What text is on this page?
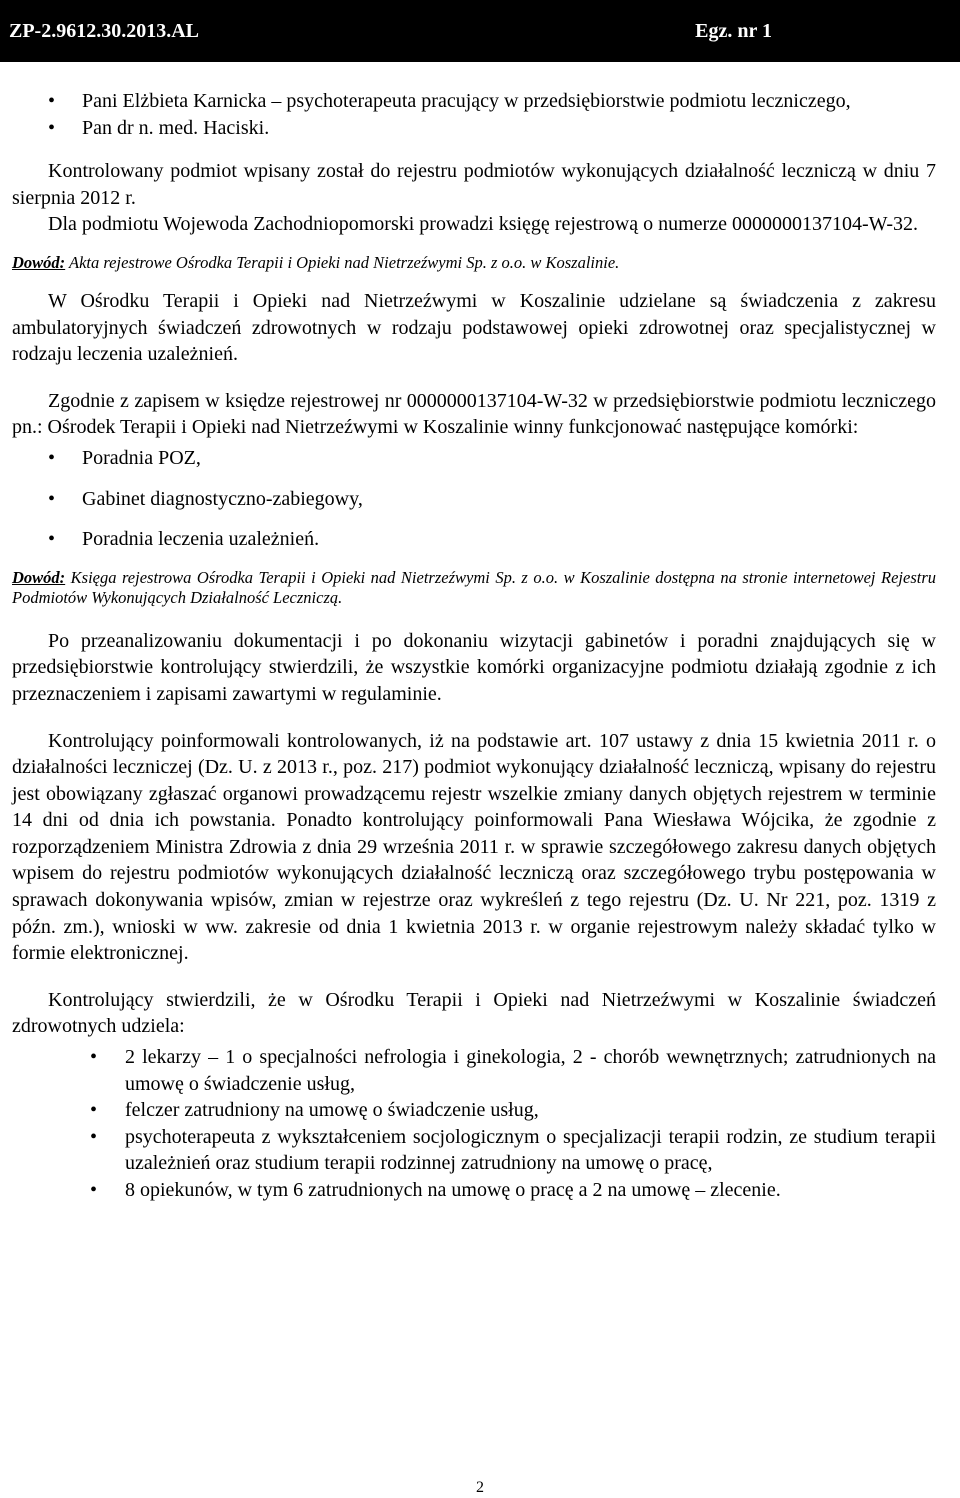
ZP-2.9612.30.2013.AL	Egz. nr 1
• Pani Elżbieta Karnicka – psychoterapeuta pracujący w przedsiębiorstwie podmiotu leczniczego,
• Pan dr n. med. Haciski.

Kontrolowany podmiot wpisany został do rejestru podmiotów wykonujących działalność leczniczą w dniu 7 sierpnia 2012 r.

Dla podmiotu Wojewoda Zachodniopomorski prowadzi księgę rejestrową o numerze 0000000137104-W-32.

Dowód: Akta rejestrowe Ośrodka Terapii i Opieki nad Nietrzeźwymi Sp. z o.o. w Koszalinie.

W Ośrodku Terapii i Opieki nad Nietrzeźwymi w Koszalinie udzielane są świadczenia z zakresu ambulatoryjnych świadczeń zdrowotnych w rodzaju podstawowej opieki zdrowotnej oraz specjalistycznej w rodzaju leczenia uzależnień.

Zgodnie z zapisem w księdze rejestrowej nr 0000000137104-W-32 w przedsiębiorstwie podmiotu leczniczego pn.: Ośrodek Terapii i Opieki nad Nietrzeźwymi w Koszalinie winny funkcjonować następujące komórki:

• Poradnia POZ,
• Gabinet diagnostyczno-zabiegowy,
• Poradnia leczenia uzależnień.

Dowód: Księga rejestrowa Ośrodka Terapii i Opieki nad Nietrzeźwymi Sp. z o.o. w Koszalinie dostępna na stronie internetowej Rejestru Podmiotów Wykonujących Działalność Leczniczą.

Po przeanalizowaniu dokumentacji i po dokonaniu wizytacji gabinetów i poradni znajdujących się w przedsiębiorstwie kontrolujący stwierdzili, że wszystkie komórki organizacyjne podmiotu działają zgodnie z ich przeznaczeniem i zapisami zawartymi w regulaminie.

Kontrolujący poinformowali kontrolowanych, iż na podstawie art. 107 ustawy z dnia 15 kwietnia 2011 r. o działalności leczniczej (Dz. U. z 2013 r., poz. 217) podmiot wykonujący działalność leczniczą, wpisany do rejestru jest obowiązany zgłaszać organowi prowadzącemu rejestr wszelkie zmiany danych objętych rejestrem w terminie 14 dni od dnia ich powstania. Ponadto kontrolujący poinformowali Pana Wiesława Wójcika, że zgodnie z rozporządzeniem Ministra Zdrowia z dnia 29 września 2011 r. w sprawie szczegółowego zakresu danych objętych wpisem do rejestru podmiotów wykonujących działalność leczniczą oraz szczegółowego trybu postępowania w sprawach dokonywania wpisów, zmian w rejestrze oraz wykreśleń z tego rejestru (Dz. U. Nr 221, poz. 1319 z późn. zm.), wnioski w ww. zakresie od dnia 1 kwietnia 2013 r. w organie rejestrowym należy składać tylko w formie elektronicznej.

Kontrolujący stwierdzili, że w Ośrodku Terapii i Opieki nad Nietrzeźwymi w Koszalinie świadczeń zdrowotnych udziela:

• 2 lekarzy – 1 o specjalności nefrologia i ginekologia, 2 - chorób wewnętrznych; zatrudnionych na umowę o świadczenie usług,
• felczer zatrudniony na umowę o świadczenie usług,
• psychoterapeuta z wykształceniem socjologicznym o specjalizacji terapii rodzin, ze studium terapii uzależnień oraz studium terapii rodzinnej zatrudniony na umowę o pracę,
• 8 opiekunów, w tym 6 zatrudnionych na umowę o pracę a 2 na umowę – zlecenie.
2
